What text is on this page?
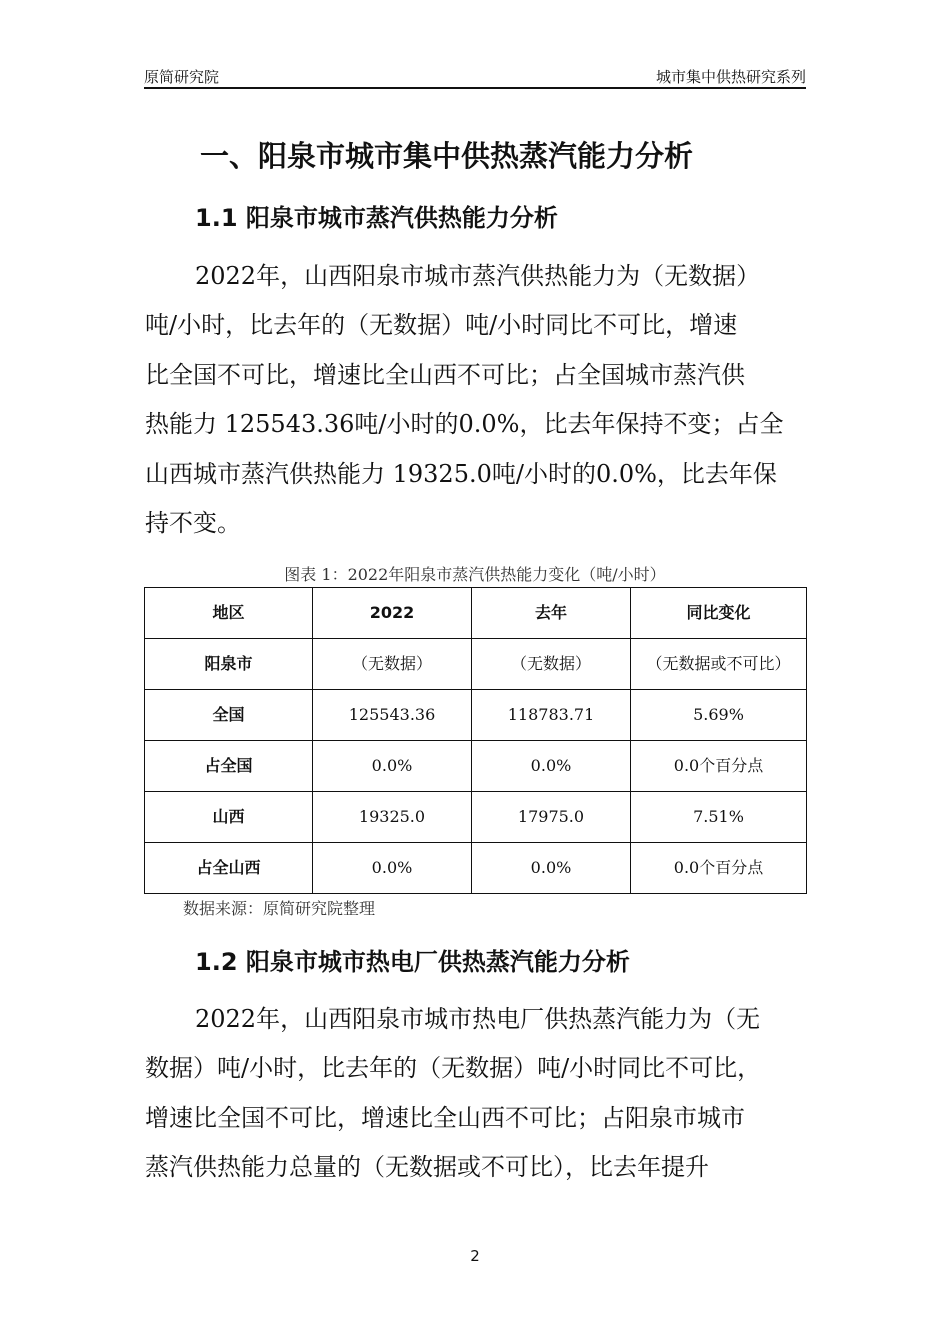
原简研究院	城市集中供热研究系列
一、阳泉市城市集中供热蒸汽能力分析
1.1 阳泉市城市蒸汽供热能力分析
2022年，山西阳泉市城市蒸汽供热能力为（无数据）
吨/小时，比去年的（无数据）吨/小时同比不可比，增速
比全国不可比，增速比全山西不可比；占全国城市蒸汽供
热能力 125543.36吨/小时的0.0%，比去年保持不变；占全
山西城市蒸汽供热能力 19325.0吨/小时的0.0%，比去年保
持不变。
图表 1：2022年阳泉市蒸汽供热能力变化（吨/小时）
地区	2022	去年	同比变化
阳泉市	（无数据）	（无数据）	（无数据或不可比）
全国	125543.36	118783.71	5.69%
占全国	0.0%	0.0%	0.0个百分点
山西	19325.0	17975.0	7.51%
占全山西	0.0%	0.0%	0.0个百分点
数据来源：原简研究院整理
1.2 阳泉市城市热电厂供热蒸汽能力分析
2022年，山西阳泉市城市热电厂供热蒸汽能力为（无
数据）吨/小时，比去年的（无数据）吨/小时同比不可比，
增速比全国不可比，增速比全山西不可比；占阳泉市城市
蒸汽供热能力总量的（无数据或不可比），比去年提升
2
